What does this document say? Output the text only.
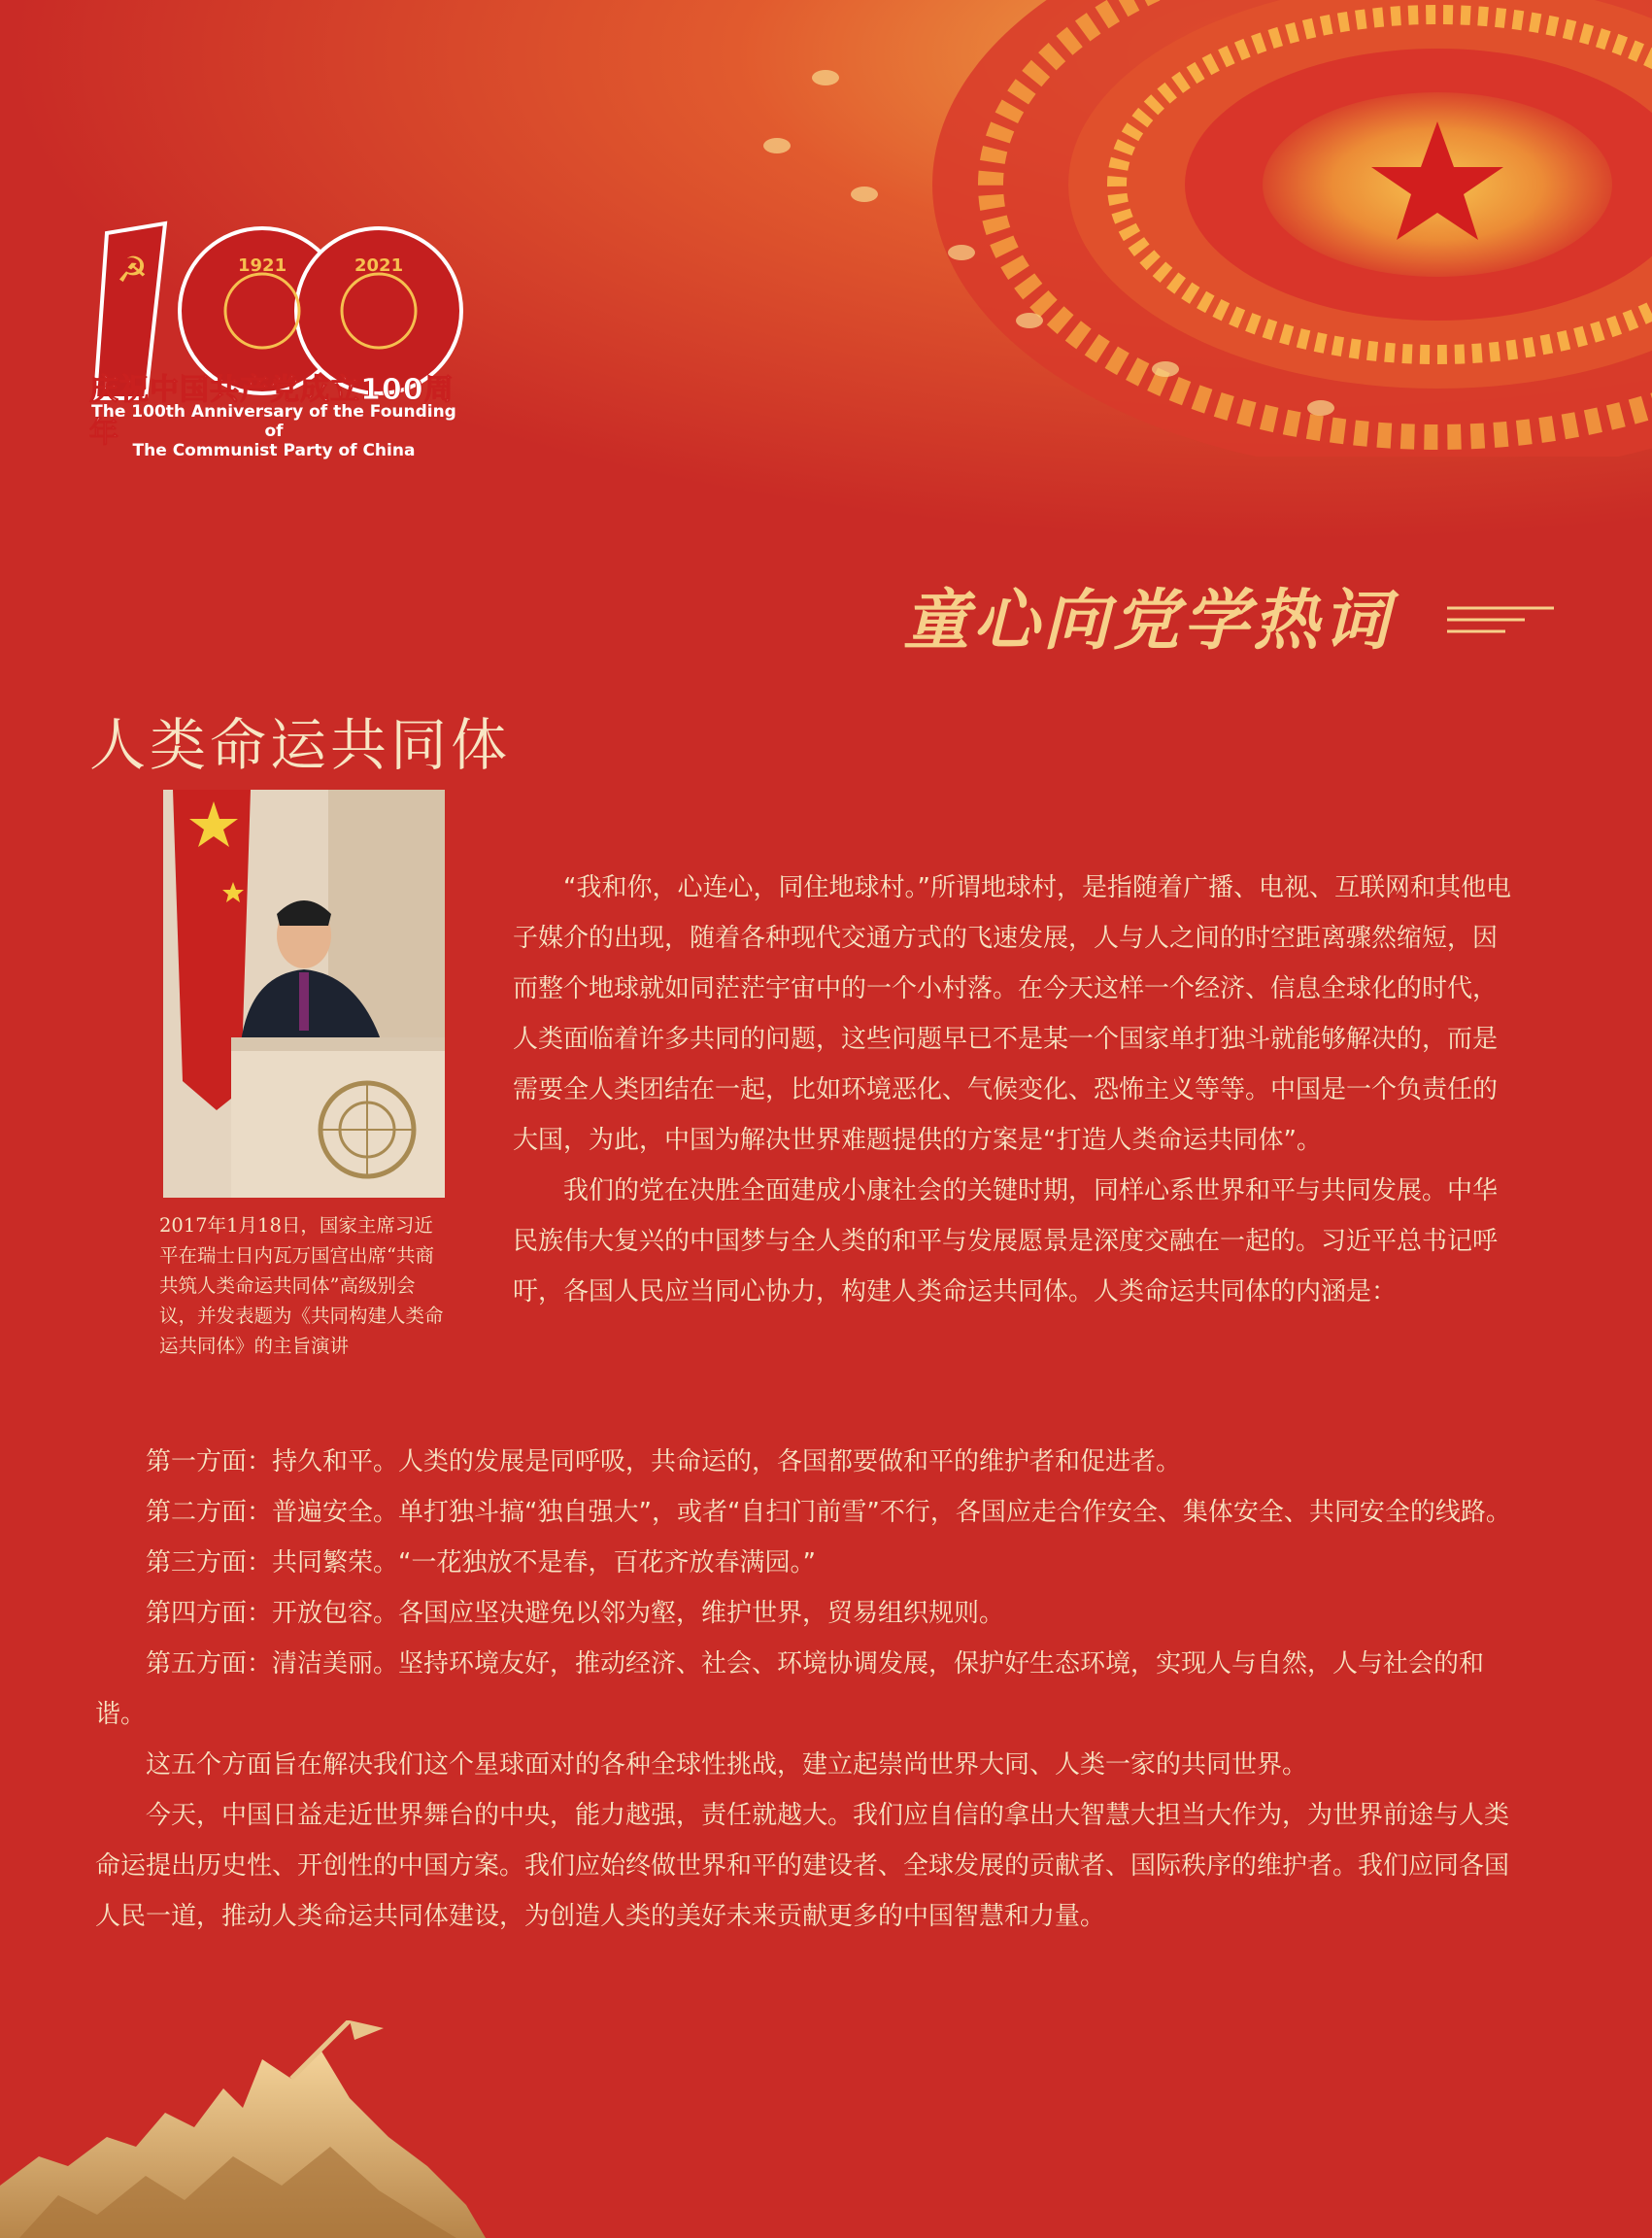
☭	1921	2021
庆祝中国共产党成立100周年
The 100th Anniversary of the Founding of
The Communist Party of China
童心向党学热词
人类命运共同体
2017年1月18日，国家主席习近平在瑞士日内瓦万国宫出席“共商共筑人类命运共同体”高级别会议，并发表题为《共同构建人类命运共同体》的主旨演讲

“我和你，心连心，同住地球村。”所谓地球村，是指随着广播、电视、互联网和其他电子媒介的出现，随着各种现代交通方式的飞速发展，人与人之间的时空距离骤然缩短，因而整个地球就如同茫茫宇宙中的一个小村落。在今天这样一个经济、信息全球化的时代，人类面临着许多共同的问题，这些问题早已不是某一个国家单打独斗就能够解决的，而是需要全人类团结在一起，比如环境恶化、气候变化、恐怖主义等等。中国是一个负责任的大国，为此，中国为解决世界难题提供的方案是“打造人类命运共同体”。

我们的党在决胜全面建成小康社会的关键时期，同样心系世界和平与共同发展。中华民族伟大复兴的中国梦与全人类的和平与发展愿景是深度交融在一起的。习近平总书记呼吁，各国人民应当同心协力，构建人类命运共同体。人类命运共同体的内涵是：

第一方面：持久和平。人类的发展是同呼吸，共命运的，各国都要做和平的维护者和促进者。

第二方面：普遍安全。单打独斗搞“独自强大”，或者“自扫门前雪”不行，各国应走合作安全、集体安全、共同安全的线路。

第三方面：共同繁荣。“一花独放不是春，百花齐放春满园。”

第四方面：开放包容。各国应坚决避免以邻为壑，维护世界，贸易组织规则。

第五方面：清洁美丽。坚持环境友好，推动经济、社会、环境协调发展，保护好生态环境，实现人与自然，人与社会的和谐。

这五个方面旨在解决我们这个星球面对的各种全球性挑战，建立起崇尚世界大同、人类一家的共同世界。

今天，中国日益走近世界舞台的中央，能力越强，责任就越大。我们应自信的拿出大智慧大担当大作为，为世界前途与人类命运提出历史性、开创性的中国方案。我们应始终做世界和平的建设者、全球发展的贡献者、国际秩序的维护者。我们应同各国人民一道，推动人类命运共同体建设，为创造人类的美好未来贡献更多的中国智慧和力量。
